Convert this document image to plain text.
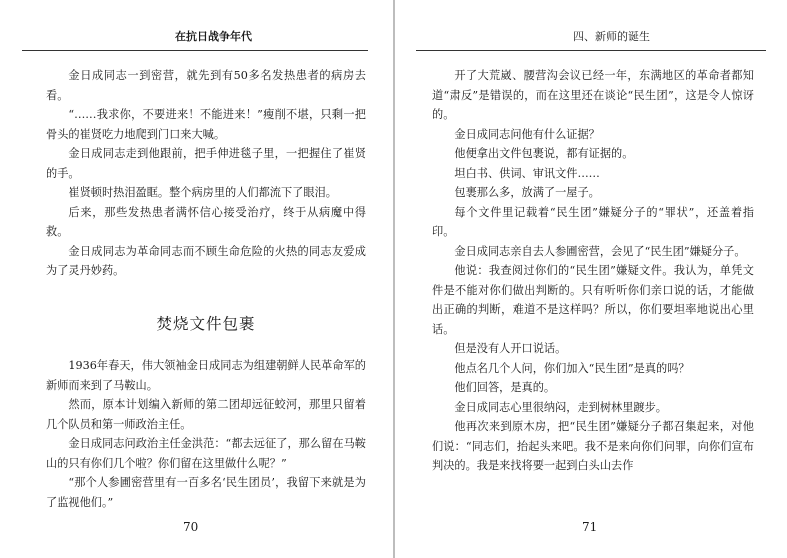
在抗日战争年代

金日成同志一到密营，就先到有50多名发热患者的病房去看。

“……我求你，不要进来！不能进来！”瘦削不堪，只剩一把骨头的崔贤吃力地爬到门口来大喊。

金日成同志走到他跟前，把手伸进毯子里，一把握住了崔贤的手。

崔贤顿时热泪盈眶。整个病房里的人们都流下了眼泪。

后来，那些发热患者满怀信心接受治疗，终于从病魔中得救。

金日成同志为革命同志而不顾生命危险的火热的同志友爱成为了灵丹妙药。

焚烧文件包裹

1936年春天，伟大领袖金日成同志为组建朝鲜人民革命军的新师而来到了马鞍山。

然而，原本计划编入新师的第二团却远征蛟河，那里只留着几个队员和第一师政治主任。

金日成同志问政治主任金洪范：“都去远征了，那么留在马鞍山的只有你们几个啦？你们留在这里做什么呢？”

“那个人参圃密营里有一百多名‘民生团员’，我留下来就是为了监视他们。”

70
四、新师的诞生

开了大荒崴、腰营沟会议已经一年，东满地区的革命者都知道“肃反”是错误的，而在这里还在谈论“民生团”，这是令人惊讶的。

金日成同志问他有什么证据？

他便拿出文件包裹说，都有证据的。

坦白书、供词、审讯文件……

包裹那么多，放满了一屋子。

每个文件里记载着“民生团”嫌疑分子的“罪状”，还盖着指印。

金日成同志亲自去人参圃密营，会见了“民生团”嫌疑分子。

他说：我查阅过你们的“民生团”嫌疑文件。我认为，单凭文件是不能对你们做出判断的。只有听听你们亲口说的话，才能做出正确的判断，难道不是这样吗？所以，你们要坦率地说出心里话。

但是没有人开口说话。

他点名几个人问，你们加入“民生团”是真的吗？

他们回答，是真的。

金日成同志心里很纳闷，走到树林里踱步。

他再次来到原木房，把“民生团”嫌疑分子都召集起来，对他们说：“同志们，抬起头来吧。我不是来向你们问罪，向你们宣布判决的。我是来找将要一起到白头山去作

71
